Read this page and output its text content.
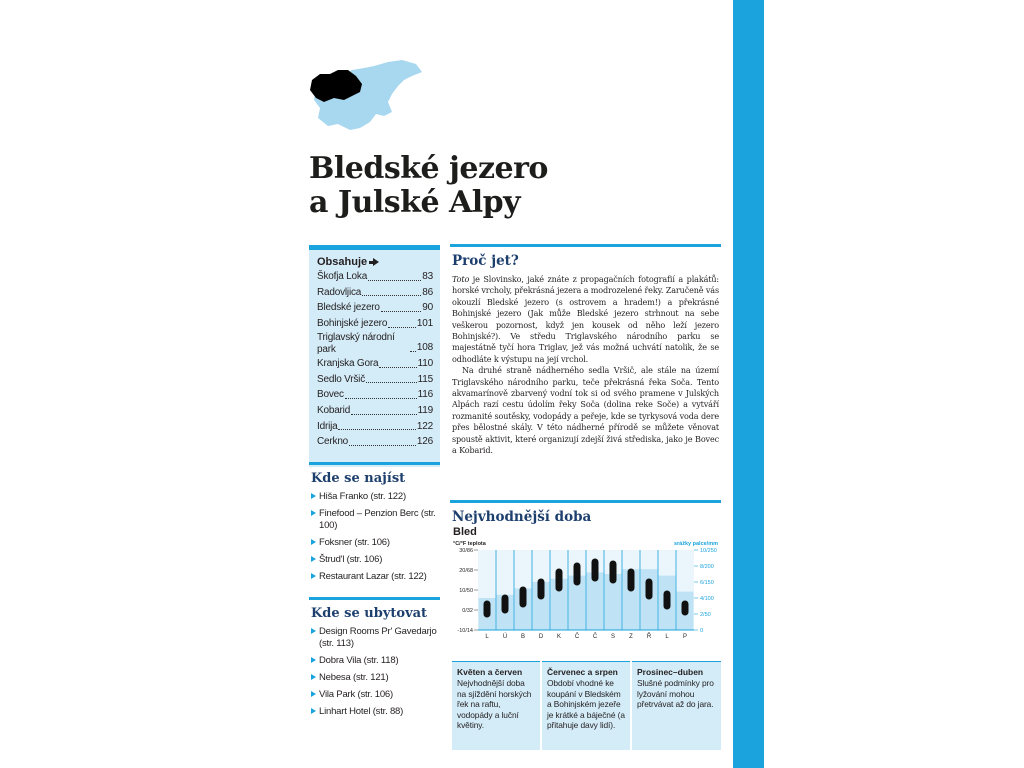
Bledské jezero
a Julské Alpy
Obsahuje
Škofja Loka	83
Radovljica	86
Bledské jezero	90
Bohinjské jezero	101
Triglavský národní park	108
Kranjska Gora	110
Sedlo Vršič	115
Bovec	116
Kobarid	119
Idrija	122
Cerkno	126
Kde se najíst
Hiša Franko (str. 122)
Finefood – Penzion Berc (str. 100)
Foksner (str. 106)
Štrud'l (str. 106)
Restaurant Lazar (str. 122)
Kde se ubytovat
Design Rooms Pr' Gavedarjo (str. 113)
Dobra Vila (str. 118)
Nebesa (str. 121)
Vila Park (str. 106)
Linhart Hotel (str. 88)
Proč jet?

Toto je Slovinsko, jaké znáte z propagačních fotografií a plakátů: horské vrcholy, překrásná jezera a modrozelené řeky. Zaručeně vás okouzlí Bledské jezero (s ostrovem a hradem!) a překrásné Bohinjské jezero (Jak může Bledské jezero strhnout na sebe veškerou pozornost, když jen kousek od něho leží jezero Bohinjské?). Ve středu Triglavského národního parku se majestátně tyčí hora Triglav, jež vás možná uchvátí natolik, že se odhodláte k výstupu na její vrchol.

Na druhé straně nádherného sedla Vršič, ale stále na území Triglavského národního parku, teče překrásná řeka Soča. Tento akvamarínově zbarvený vodní tok si od svého pramene v Julských Alpách razí cestu údolím řeky Soča (dolina reke Soče) a vytváří rozmanité soutěsky, vodopády a peřeje, kde se tyrkysová voda dere přes bělostné skály. V této nádherné přírodě se můžete věnovat spoustě aktivit, které organizují zdejší živá střediska, jako je Bovec a Kobarid.

Nejvhodnější doba
Bled
°C/°F teplota	srážky palce/mm
30/86
20/68
10/50
0/32
-10/14
10/250
8/200
6/150
4/100
2/50
0
L Ú B D K Č Č S Z Ř L P
Květen a červen
Nejvhodnější doba na sjíždění horských řek na raftu, vodopády a luční květiny.
Červenec a srpen
Období vhodné ke koupání v Bledském a Bohinjském jezeře je krátké a báječné (a přitahuje davy lidí).
Prosinec–duben
Slušné podmínky pro lyžování mohou přetrvávat až do jara.
